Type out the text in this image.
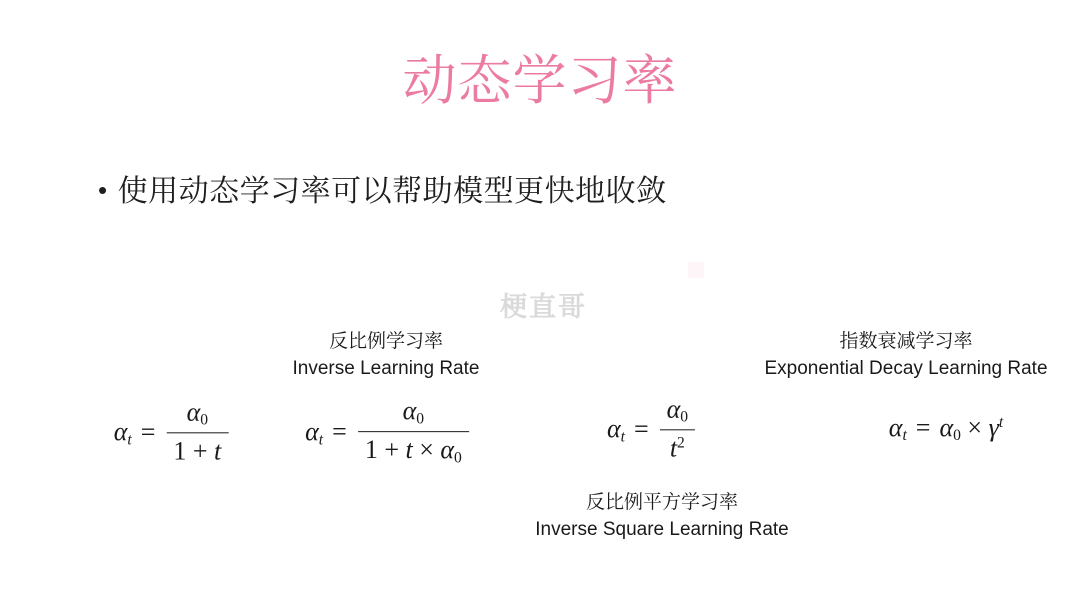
动态学习率
• 使用动态学习率可以帮助模型更快地收敛
梗直哥
反比例学习率
Inverse Learning Rate
指数衰减学习率
Exponential Decay Learning Rate
反比例平方学习率
Inverse Square Learning Rate
$\alpha_t = \frac{\alpha 0}{1 + t}$	$\alpha_t = \frac{\alpha 0}{1 + t \times \alpha 0}$	$\alpha_t = \frac{\alpha 0}{t^2}$	$\alpha_t = \alpha 0 \times \gamma^t$
